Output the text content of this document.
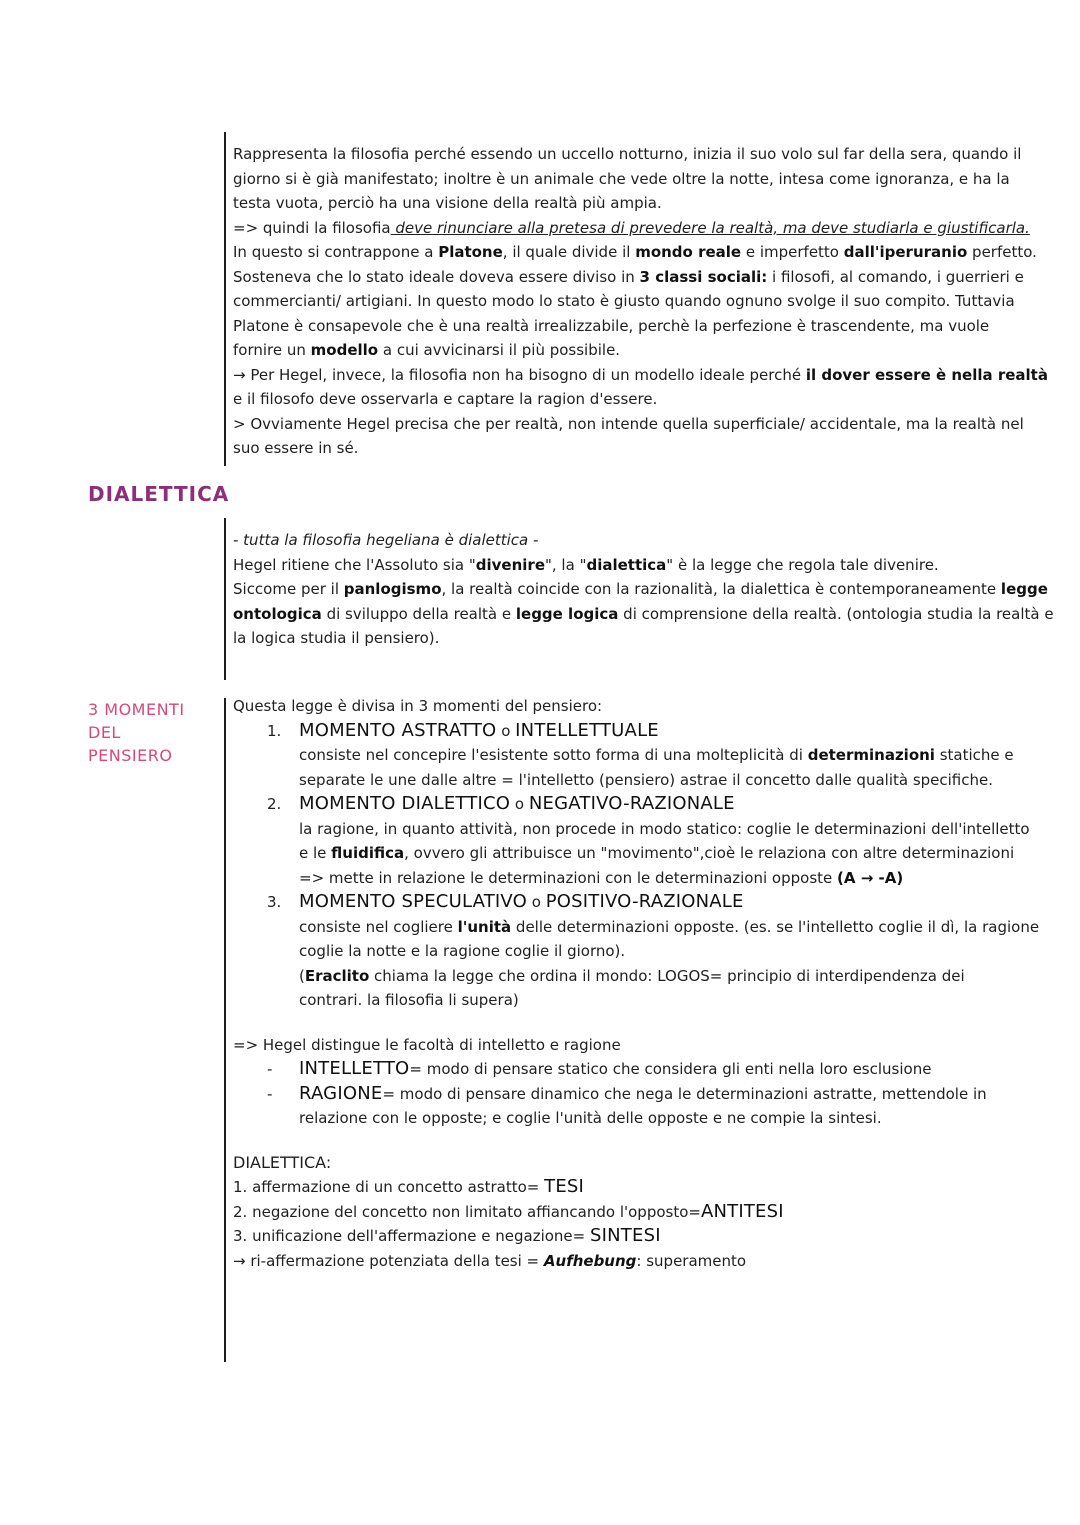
DIALETTICA
3 MOMENTI
DEL
PENSIERO
Rappresenta la filosofia perché essendo un uccello notturno, inizia il suo volo sul far della sera, quando il
giorno si è già manifestato; inoltre è un animale che vede oltre la notte, intesa come ignoranza, e ha la
testa vuota, perciò ha una visione della realtà più ampia.
=> quindi la filosofia deve rinunciare alla pretesa di prevedere la realtà, ma deve studiarla e giustificarla.
In questo si contrappone a Platone, il quale divide il mondo reale e imperfetto dall'iperuranio perfetto.
Sosteneva che lo stato ideale doveva essere diviso in 3 classi sociali: i filosofi, al comando, i guerrieri e
commercianti/ artigiani. In questo modo lo stato è giusto quando ognuno svolge il suo compito. Tuttavia
Platone è consapevole che è una realtà irrealizzabile, perchè la perfezione è trascendente, ma vuole
fornire un modello a cui avvicinarsi il più possibile.
→ Per Hegel, invece, la filosofia non ha bisogno di un modello ideale perché il dover essere è nella realtà
e il filosofo deve osservarla e captare la ragion d'essere.
> Ovviamente Hegel precisa che per realtà, non intende quella superficiale/ accidentale, ma la realtà nel
suo essere in sé.
- tutta la filosofia hegeliana è dialettica -
Hegel ritiene che l'Assoluto sia "divenire", la "dialettica" è la legge che regola tale divenire.
Siccome per il panlogismo, la realtà coincide con la razionalità, la dialettica è contemporaneamente legge
ontologica di sviluppo della realtà e legge logica di comprensione della realtà. (ontologia studia la realtà e
la logica studia il pensiero).
Questa legge è divisa in 3 momenti del pensiero:
1. MOMENTO ASTRATTO o INTELLETTUALE
consiste nel concepire l'esistente sotto forma di una molteplicità di determinazioni statiche e
separate le une dalle altre = l'intelletto (pensiero) astrae il concetto dalle qualità specifiche.
2. MOMENTO DIALETTICO o NEGATIVO-RAZIONALE
la ragione, in quanto attività, non procede in modo statico: coglie le determinazioni dell'intelletto
e le fluidifica, ovvero gli attribuisce un "movimento",cioè le relaziona con altre determinazioni
=> mette in relazione le determinazioni con le determinazioni opposte (A → -A)
3. MOMENTO SPECULATIVO o POSITIVO-RAZIONALE
consiste nel cogliere l'unità delle determinazioni opposte. (es. se l'intelletto coglie il dì, la ragione
coglie la notte e la ragione coglie il giorno).
(Eraclito chiama la legge che ordina il mondo: LOGOS= principio di interdipendenza dei
contrari. la filosofia li supera)
=> Hegel distingue le facoltà di intelletto e ragione
- INTELLETTO= modo di pensare statico che considera gli enti nella loro esclusione
- RAGIONE= modo di pensare dinamico che nega le determinazioni astratte, mettendole in
relazione con le opposte; e coglie l'unità delle opposte e ne compie la sintesi.
DIALETTICA:
1. affermazione di un concetto astratto= TESI
2. negazione del concetto non limitato affiancando l'opposto=ANTITESI
3. unificazione dell'affermazione e negazione= SINTESI
→ ri-affermazione potenziata della tesi = Aufhebung: superamento
